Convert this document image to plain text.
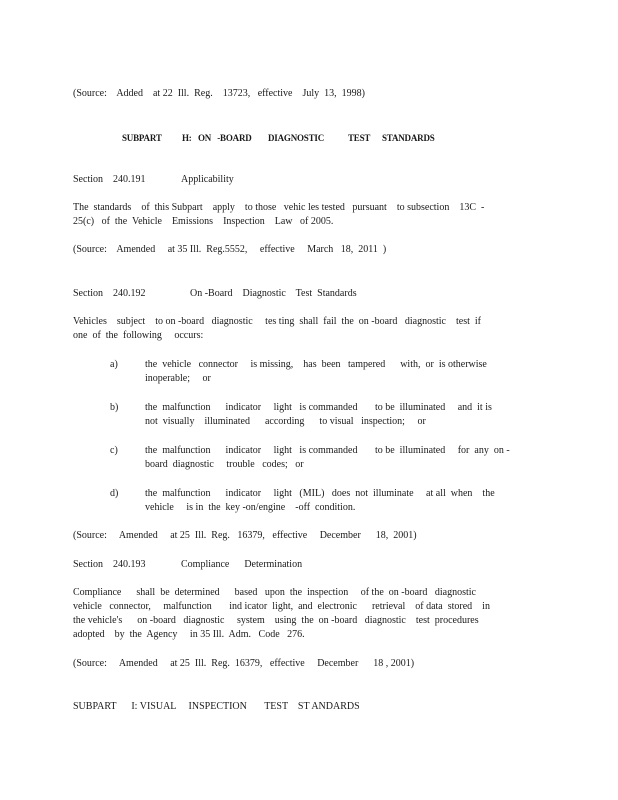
(Source:    Added    at 22  Ill.  Reg.    13723,   effective    July  13,  1998)

SUBPART H: ON   -BOARD DIAGNOSTIC	TEST STANDARDS
Section    240.191	Applicability

The  standards    of  this Subpart    apply    to those   vehic les tested   pursuant    to subsection    13C  -

25(c)   of  the  Vehicle    Emissions    Inspection    Law   of 2005.

(Source:    Amended     at 35 Ill.  Reg.5552,     effective     March   18,  2011  )

Section    240.192	On -Board    Diagnostic    Test  Standards

Vehicles    subject    to on -board   diagnostic     tes ting  shall  fail  the  on -board   diagnostic    test  if

one  of  the  following     occurs:

a)	the  vehicle   connector     is missing,    has  been   tampered      with,  or  is otherwise

inoperable;     or

b)	the  malfunction      indicator     light   is commanded       to be  illuminated     and  it is

not  visually    illuminated      according      to visual   inspection;     or

c)	the  malfunction      indicator     light   is commanded       to be  illuminated     for  any  on -

board  diagnostic     trouble   codes;   or

d)	the  malfunction      indicator     light   (MIL)   does  not  illuminate     at all  when    the

vehicle     is in  the  key -on/engine    -off  condition.

(Source:     Amended     at 25  Ill.  Reg.   16379,   effective     December      18,  2001)

Section    240.193	Compliance      Determination

Compliance      shall  be  determined      based   upon  the  inspection     of the  on -board   diagnostic

vehicle   connector,     malfunction       ind icator  light,  and  electronic      retrieval    of data  stored    in

the vehicle's      on -board   diagnostic     system    using  the  on -board   diagnostic    test  procedures

adopted    by  the  Agency     in 35 Ill.  Adm.   Code   276.

(Source:     Amended     at 25  Ill.  Reg.  16379,   effective     December      18 , 2001)

SUBPART      I: VISUAL     INSPECTION       TEST    ST ANDARDS
